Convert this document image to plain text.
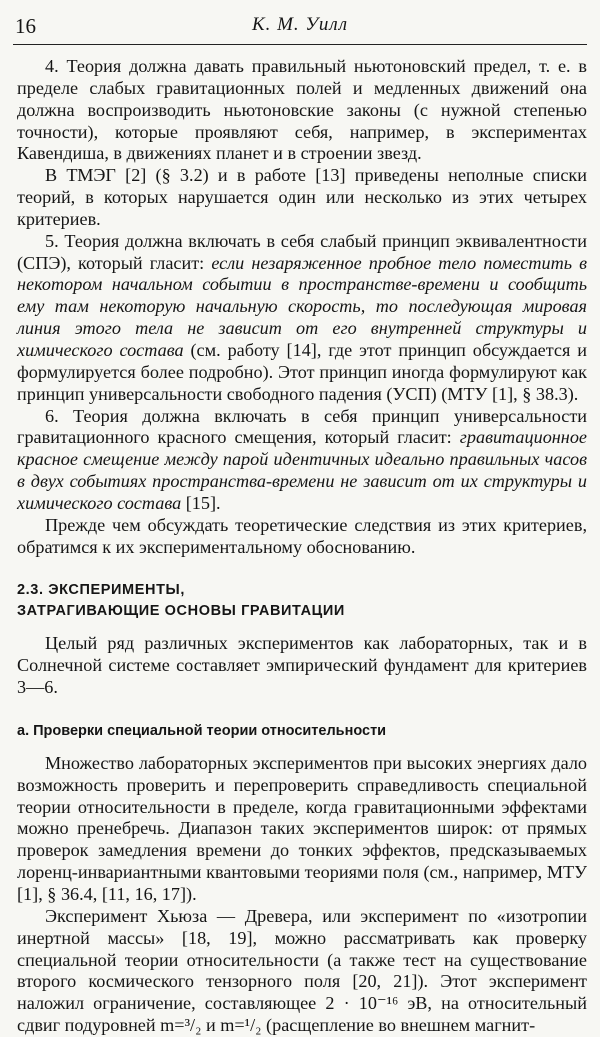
16	К. М. Уилл

4. Теория должна давать правильный ньютоновский предел, т. е. в пределе слабых гравитационных полей и медленных движений она должна воспроизводить ньютоновские законы (с нужной степенью точности), которые проявляют себя, например, в экспериментах Кавендиша, в движениях планет и в строении звезд.

В ТМЭГ [2] (§ 3.2) и в работе [13] приведены неполные списки теорий, в которых нарушается один или несколько из этих четырех критериев.

5. Теория должна включать в себя слабый принцип эквивалентности (СПЭ), который гласит: если незаряженное пробное тело поместить в некотором начальном событии в пространстве-времени и сообщить ему там некоторую начальную скорость, то последующая мировая линия этого тела не зависит от его внутренней структуры и химического состава (см. работу [14], где этот принцип обсуждается и формулируется более подробно). Этот принцип иногда формулируют как принцип универсальности свободного падения (УСП) (МТУ [1], § 38.3).

6. Теория должна включать в себя принцип универсальности гравитационного красного смещения, который гласит: гравитационное красное смещение между парой идентичных идеально правильных часов в двух событиях пространства-времени не зависит от их структуры и химического состава [15].

Прежде чем обсуждать теоретические следствия из этих критериев, обратимся к их экспериментальному обоснованию.

2.3. ЭКСПЕРИМЕНТЫ,
ЗАТРАГИВАЮЩИЕ ОСНОВЫ ГРАВИТАЦИИ

Целый ряд различных экспериментов как лабораторных, так и в Солнечной системе составляет эмпирический фундамент для критериев 3—6.

а. Проверки специальной теории относительности

Множество лабораторных экспериментов при высоких энергиях дало возможность проверить и перепроверить справедливость специальной теории относительности в пределе, когда гравитационными эффектами можно пренебречь. Диапазон таких экспериментов широк: от прямых проверок замедления времени до тонких эффектов, предсказываемых лоренц-инвариантными квантовыми теориями поля (см., например, МТУ [1], § 36.4, [11, 16, 17]).

Эксперимент Хьюза — Древера, или эксперимент по «изотропии инертной массы» [18, 19], можно рассматривать как проверку специальной теории относительности (а также тест на существование второго космического тензорного поля [20, 21]). Этот эксперимент наложил ограничение, составляющее 2 · 10⁻¹⁶ эВ, на относительный сдвиг подуровней m=³/₂ и m=¹/₂ (расщепление во внешнем магнит-
